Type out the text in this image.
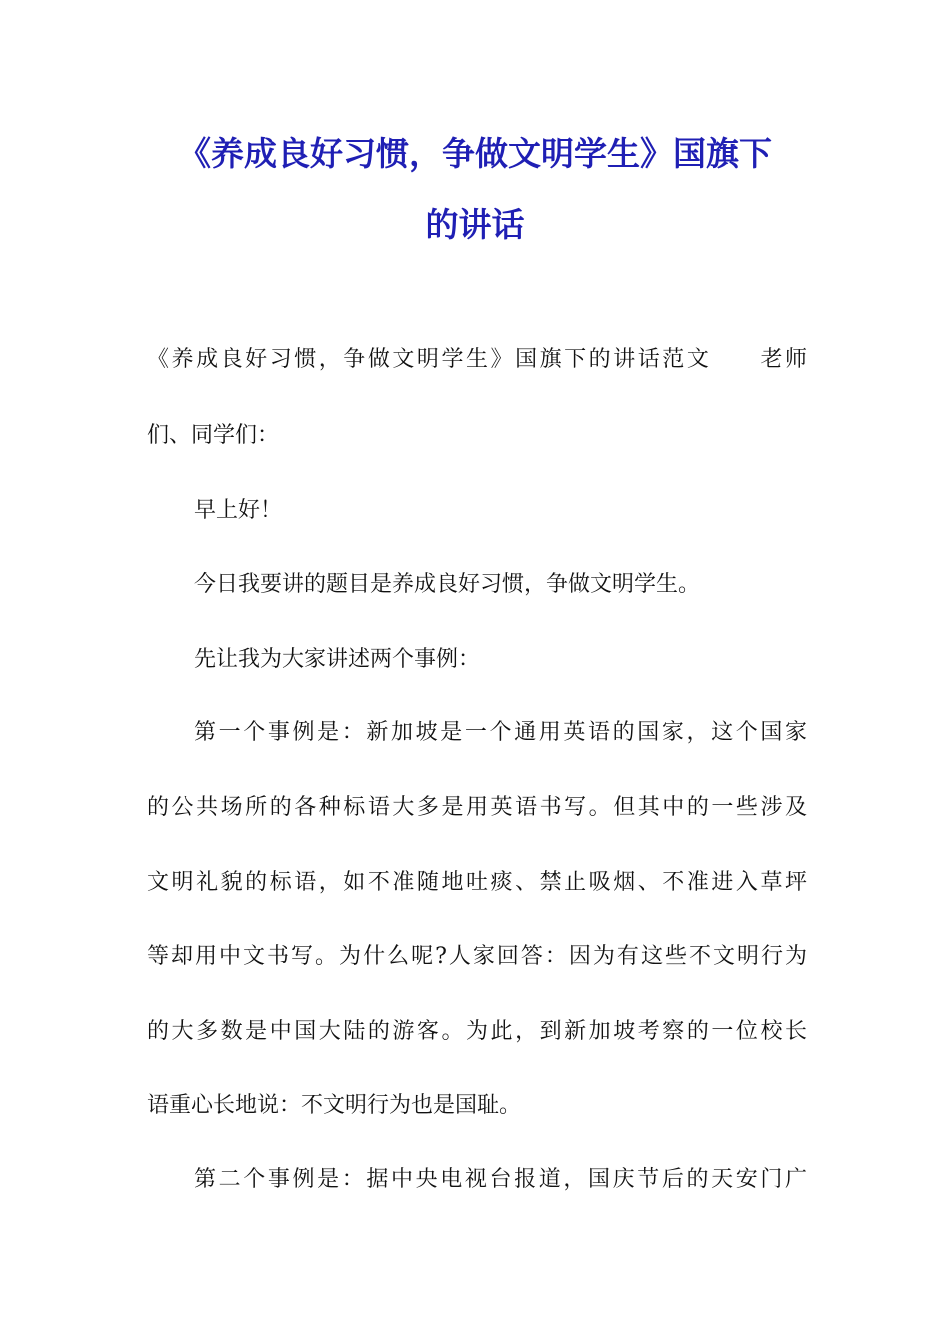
《养成良好习惯，争做文明学生》国旗下
的讲话
《养成良好习惯，争做文明学生》国旗下的讲话范文　　老师
们、同学们：
早上好！
今日我要讲的题目是养成良好习惯，争做文明学生。
先让我为大家讲述两个事例：
第一个事例是：新加坡是一个通用英语的国家，这个国家
的公共场所的各种标语大多是用英语书写。但其中的一些涉及
文明礼貌的标语，如不准随地吐痰、禁止吸烟、不准进入草坪
等却用中文书写。为什么呢?人家回答：因为有这些不文明行为
的大多数是中国大陆的游客。为此，到新加坡考察的一位校长
语重心长地说：不文明行为也是国耻。
第二个事例是：据中央电视台报道，国庆节后的天安门广
